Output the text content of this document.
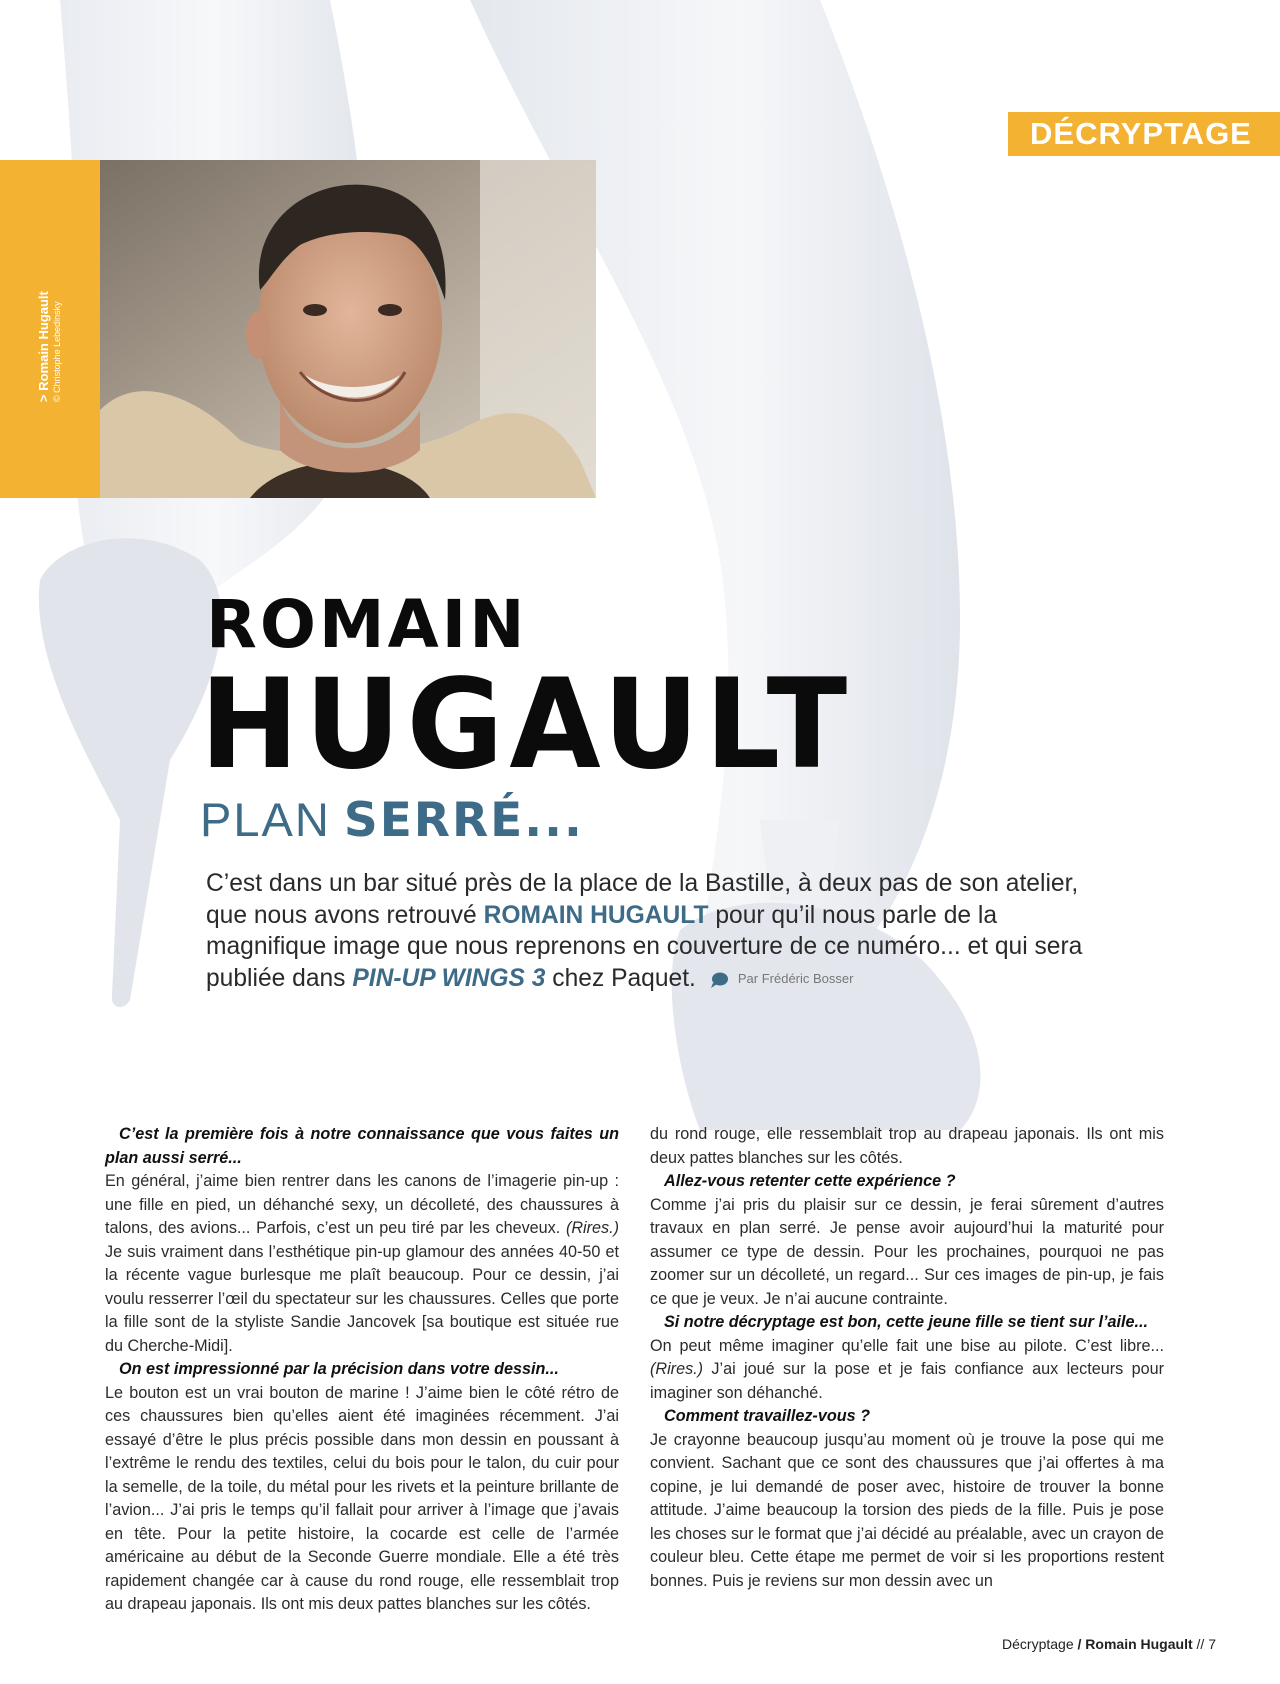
DÉCRYPTAGE
> Romain Hugault © Christophe Lebedinsky
ROMAIN
HUGAULT
PLAN SERRÉ...

C’est dans un bar situé près de la place de la Bastille, à deux pas de son atelier, que nous avons retrouvé ROMAIN HUGAULT pour qu’il nous parle de la magnifique image que nous reprenons en couverture de ce numéro... et qui sera publiée dans PIN-UP WINGS 3 chez Paquet.	Par Frédéric Bosser

C’est la première fois à notre connaissance que vous faites un plan aussi serré...

En général, j’aime bien rentrer dans les canons de l’imagerie pin-up : une fille en pied, un déhanché sexy, un décolleté, des chaussures à talons, des avions... Parfois, c’est un peu tiré par les cheveux. (Rires.) Je suis vraiment dans l’esthétique pin-up glamour des années 40-50 et la récente vague burlesque me plaît beaucoup. Pour ce dessin, j’ai voulu resserrer l’œil du spectateur sur les chaussures. Celles que porte la fille sont de la styliste Sandie Jancovek [sa boutique est située rue du Cherche-Midi].

On est impressionné par la précision dans votre dessin...

Le bouton est un vrai bouton de marine ! J’aime bien le côté rétro de ces chaussures bien qu’elles aient été imaginées récemment. J’ai essayé d’être le plus précis possible dans mon dessin en poussant à l’extrême le rendu des textiles, celui du bois pour le talon, du cuir pour la semelle, de la toile, du métal pour les rivets et la peinture brillante de l’avion... J’ai pris le temps qu’il fallait pour arriver à l’image que j’avais en tête. Pour la petite histoire, la cocarde est celle de l’armée américaine au début de la Seconde Guerre mondiale. Elle a été très rapidement changée car à cause du rond rouge, elle ressemblait trop au drapeau japonais. Ils ont mis deux pattes blanches sur les côtés.

du rond rouge, elle ressemblait trop au drapeau japonais. Ils ont mis deux pattes blanches sur les côtés.

Allez-vous retenter cette expérience ?

Comme j’ai pris du plaisir sur ce dessin, je ferai sûrement d’autres travaux en plan serré. Je pense avoir aujourd’hui la maturité pour assumer ce type de dessin. Pour les prochaines, pourquoi ne pas zoomer sur un décolleté, un regard... Sur ces images de pin-up, je fais ce que je veux. Je n’ai aucune contrainte.

Si notre décryptage est bon, cette jeune fille se tient sur l’aile...

On peut même imaginer qu’elle fait une bise au pilote. C’est libre... (Rires.) J’ai joué sur la pose et je fais confiance aux lecteurs pour imaginer son déhanché.

Comment travaillez-vous ?

Je crayonne beaucoup jusqu’au moment où je trouve la pose qui me convient. Sachant que ce sont des chaussures que j’ai offertes à ma copine, je lui demandé de poser avec, histoire de trouver la bonne attitude. J’aime beaucoup la torsion des pieds de la fille. Puis je pose les choses sur le format que j’ai décidé au préalable, avec un crayon de couleur bleu. Cette étape me permet de voir si les proportions restent bonnes. Puis je reviens sur mon dessin avec un

Décryptage / Romain Hugault // 7
